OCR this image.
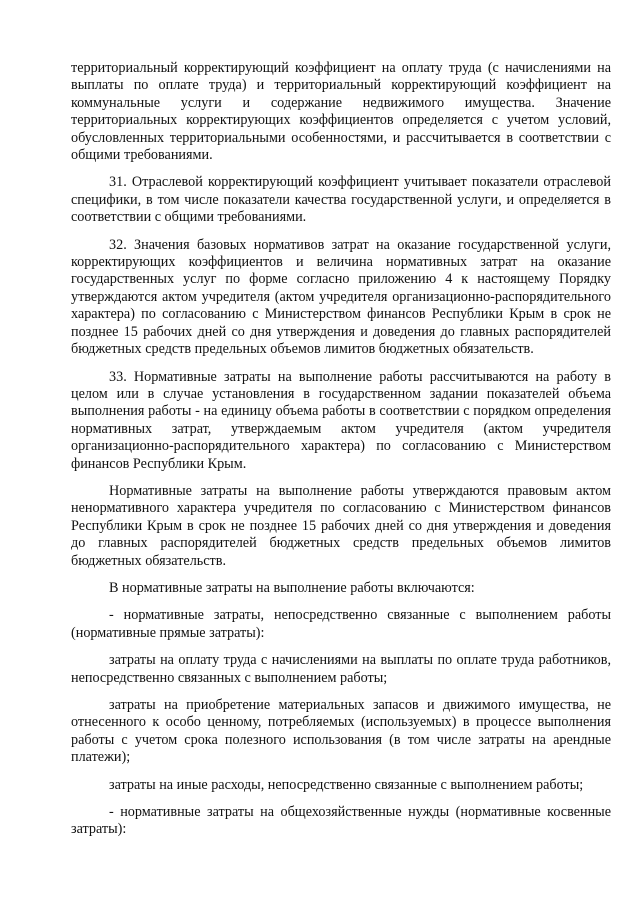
территориальный корректирующий коэффициент на оплату труда (с начислениями на выплаты по оплате труда) и территориальный корректирующий коэффициент на коммунальные услуги и содержание недвижимого имущества. Значение территориальных корректирующих коэффициентов определяется с учетом условий, обусловленных территориальными особенностями, и рассчитывается в соответствии с общими требованиями.

31. Отраслевой корректирующий коэффициент учитывает показатели отраслевой специфики, в том числе показатели качества государственной услуги, и определяется в соответствии с общими требованиями.

32. Значения базовых нормативов затрат на оказание государственной услуги, корректирующих коэффициентов и величина нормативных затрат на оказание государственных услуг по форме согласно приложению 4 к настоящему Порядку утверждаются актом учредителя (актом учредителя организационно-распорядительного характера) по согласованию с Министерством финансов Республики Крым в срок не позднее 15 рабочих дней со дня утверждения и доведения до главных распорядителей бюджетных средств предельных объемов лимитов бюджетных обязательств.

33. Нормативные затраты на выполнение работы рассчитываются на работу в целом или в случае установления в государственном задании показателей объема выполнения работы - на единицу объема работы в соответствии с порядком определения нормативных затрат, утверждаемым актом учредителя (актом учредителя организационно-распорядительного характера) по согласованию с Министерством финансов Республики Крым.

Нормативные затраты на выполнение работы утверждаются правовым актом ненормативного характера учредителя по согласованию с Министерством финансов Республики Крым в срок не позднее 15 рабочих дней со дня утверждения и доведения до главных распорядителей бюджетных средств предельных объемов лимитов бюджетных обязательств.

В нормативные затраты на выполнение работы включаются:

- нормативные затраты, непосредственно связанные с выполнением работы (нормативные прямые затраты):

затраты на оплату труда с начислениями на выплаты по оплате труда работников, непосредственно связанных с выполнением работы;

затраты на приобретение материальных запасов и движимого имущества, не отнесенного к особо ценному, потребляемых (используемых) в процессе выполнения работы с учетом срока полезного использования (в том числе затраты на арендные платежи);

затраты на иные расходы, непосредственно связанные с выполнением работы;

- нормативные затраты на общехозяйственные нужды (нормативные косвенные затраты):
